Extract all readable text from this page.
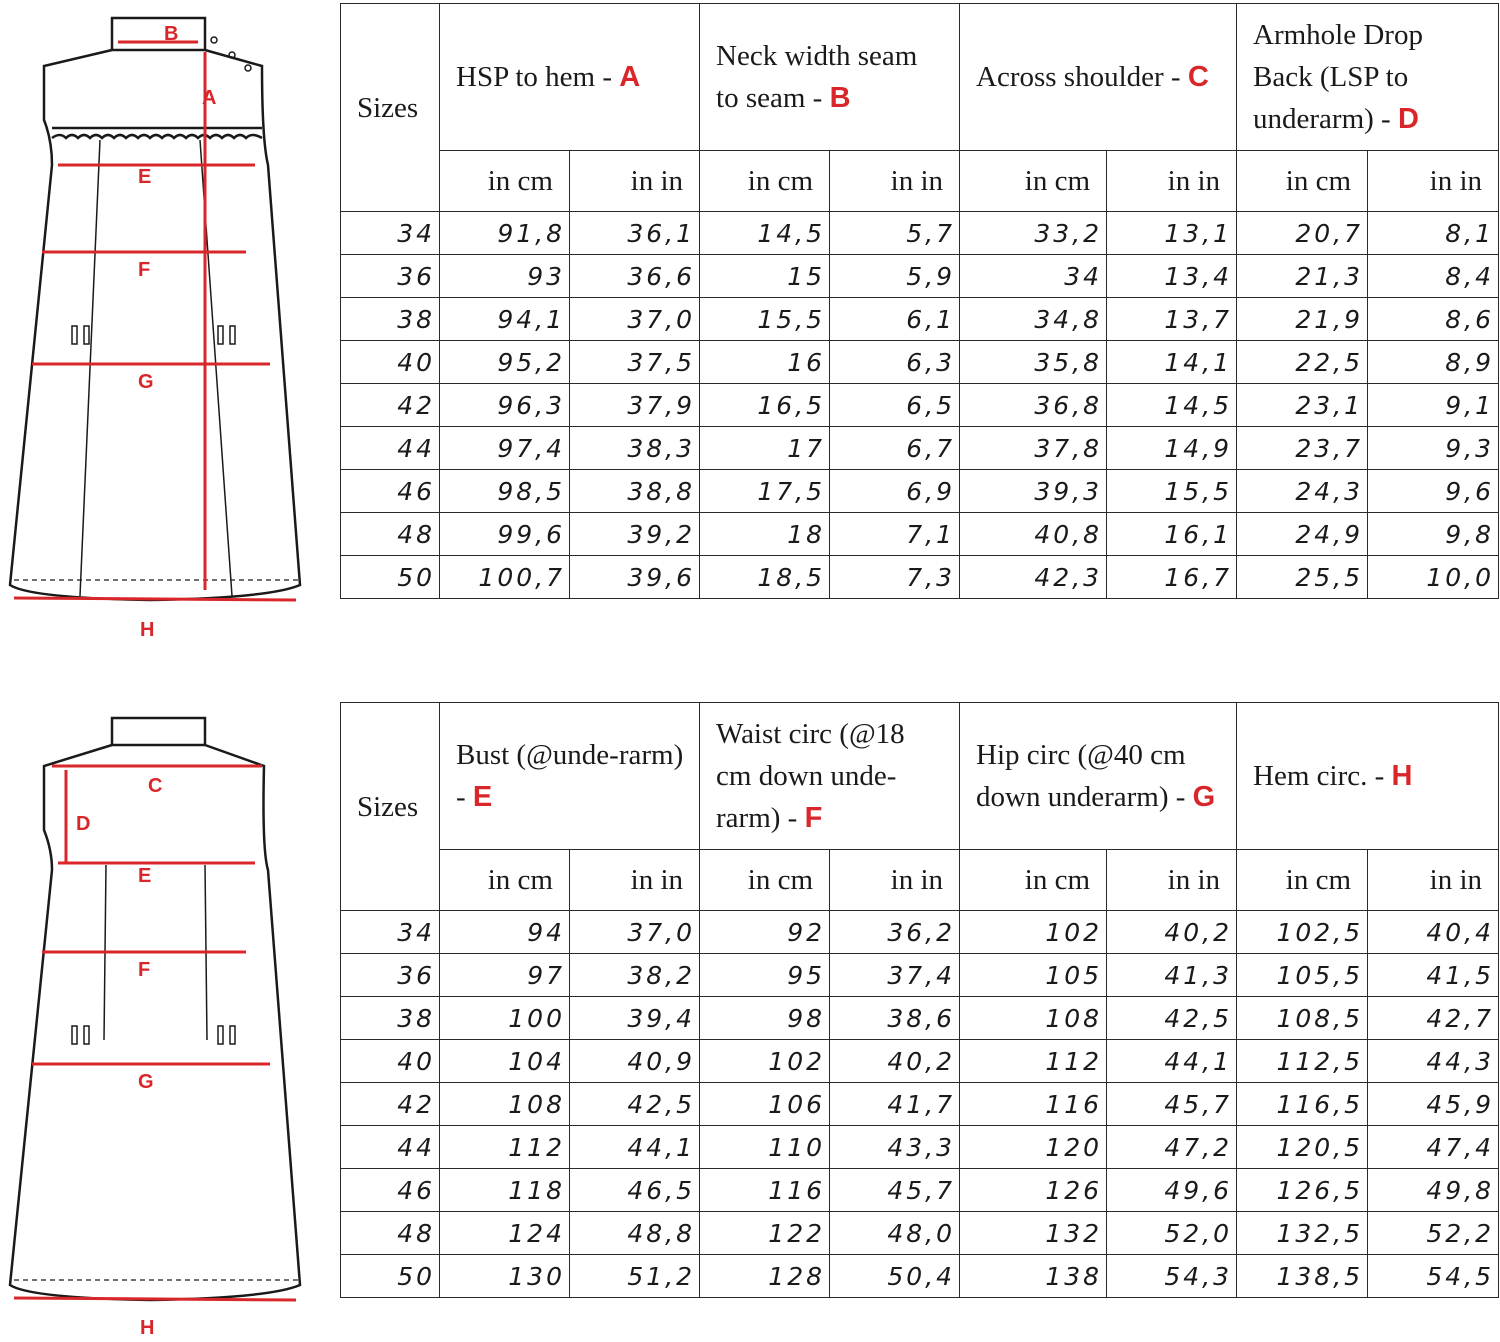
B
A
E
F
G
H
C
D
E
F
G
H
Sizes	HSP to hem - A		Neck width seam to seam - B		Across shoulder - C		Armhole Drop Back (LSP to underarm) - D	
	in cm	in in	in cm	in in	in cm	in in	in cm	in in
34	91,8	36,1	14,5	5,7	33,2	13,1	20,7	8,1
36	93	36,6	15	5,9	34	13,4	21,3	8,4
38	94,1	37,0	15,5	6,1	34,8	13,7	21,9	8,6
40	95,2	37,5	16	6,3	35,8	14,1	22,5	8,9
42	96,3	37,9	16,5	6,5	36,8	14,5	23,1	9,1
44	97,4	38,3	17	6,7	37,8	14,9	23,7	9,3
46	98,5	38,8	17,5	6,9	39,3	15,5	24,3	9,6
48	99,6	39,2	18	7,1	40,8	16,1	24,9	9,8
50	100,7	39,6	18,5	7,3	42,3	16,7	25,5	10,0
Sizes	Bust (@unde-rarm) - E		Waist circ (@18 cm down unde-rarm) - F		Hip circ (@40 cm down underarm) - G		Hem circ. - H	
	in cm	in in	in cm	in in	in cm	in in	in cm	in in
34	94	37,0	92	36,2	102	40,2	102,5	40,4
36	97	38,2	95	37,4	105	41,3	105,5	41,5
38	100	39,4	98	38,6	108	42,5	108,5	42,7
40	104	40,9	102	40,2	112	44,1	112,5	44,3
42	108	42,5	106	41,7	116	45,7	116,5	45,9
44	112	44,1	110	43,3	120	47,2	120,5	47,4
46	118	46,5	116	45,7	126	49,6	126,5	49,8
48	124	48,8	122	48,0	132	52,0	132,5	52,2
50	130	51,2	128	50,4	138	54,3	138,5	54,5
